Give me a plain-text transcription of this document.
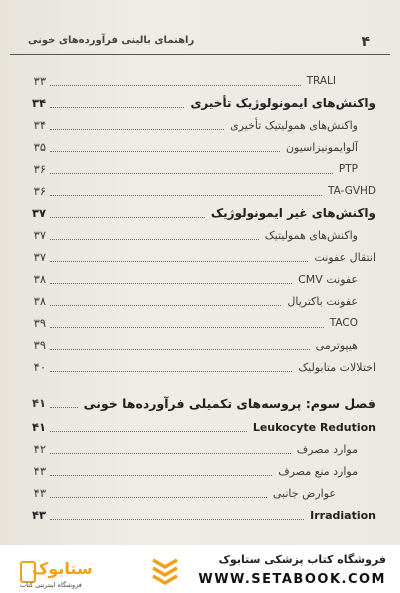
۴
راهنمای بالینی فرآورده‌های خونی
TRALI
۳۳
واکنش‌های ایمونولوژیک تأخیری
۳۴
واکنش‌های همولیتیک تأخیری
۳۴
آلوایمونیزاسیون
۳۵
PTP
۳۶
TA-GVHD
۳۶
واکنش‌های غیر ایمونولوژیک
۳۷
واکنش‌های همولیتیک
۳۷
انتقال عفونت
۳۷
عفونت CMV
۳۸
عفونت باکتریال
۳۸
TACO
۳۹
هیپوترمی
۳۹
اختلالات متابولیک
۴۰
فصل سوم: پروسه‌های تکمیلی فرآورده‌ها خونی
۴۱
Leukocyte Redution
۴۱
موارد مصرف
۴۲
موارد منع مصرف
۴۳
عوارض جانبی
۴۳
Irradiation
۴۳
ستابوک
فروشگاه اینترنتی کتاب
فروشگاه کتاب پزشکی ستابوک
WWW.SETABOOK.COM
